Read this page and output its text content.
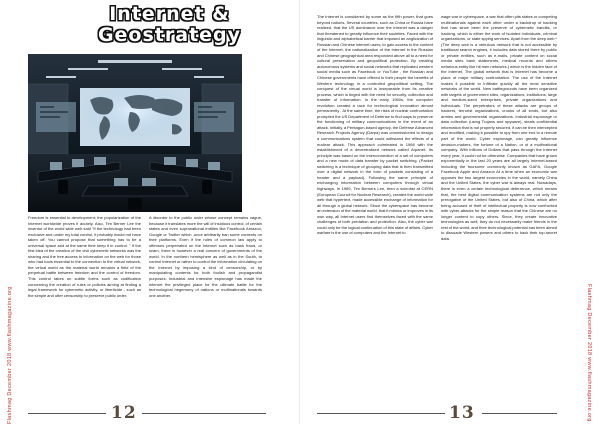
Internet &
Geostrategy

Freedom is essential to development; the popularization of the Internet worldwide proves it acutely. Also, Tim Berner Lee the inventor of the world wide web said "If the technology had been exclusive and under my total control, it probably would not have taken off. You cannot propose that something has to be a universal space and at the same time keep it in control. " If the first idea of the creation of the civil cybernetic networks was the sharing and the free access to information on the web for those who had tools essential to the connection to the virtual network, the virtual world as the material world remains a field of the perpetual battle between freedom and the control of freedom. This control takes on subtle forms such as codification concerning the creation of rules or policies aiming at finding a legal framework for cybernetic activity, or libertlcide , such as the simple and utter censorship to preserve public order.

A disorder to the public order whose concept remains vague, because it translates more the will of insidious control, of certain states and even supranational entities like Facebook Amazon, Google or Twitter which ,once arbitrarily ban some contents on their platforms. Even if the rules of common law apply to offenses perpetrated on the Internet such as bank fraud, or scam, there is however a real concern of governments of the world. In the northern hemisphere as well as in the South, to control Internet or rather to control the information circulating on the Internet by imposing a kind of censorship, or by manipulating contents for both foolish and propagandist purposes. Industrial and intensive espionage has made the internet the privileged place for the ultimate battle for the technological hegemony of nations or multinationals towards one another.

12
Flashmag December 2018 www.flashmagazine.org

The Internet is considered by some as the fifth power, that goes beyond nations. Several countries, such as China or Russia have realized, that the US dominance over the Internet was a danger that threatened to greatly influence their societies. Faced with the linguistic and alphabetical barrier that imposed an anglicization of Russian and Chinese internet users, to gain access to the content of the Internet, the nationalization of the Internet in the Russian and Chinese geographical area responded above all to a need for cultural preservation and geopolitical protection. By creating autonomous systems and social networks that replicated western social media such as Facebook or YouTube , the Russian and Chinese governments have offered to their people the benefits of Western technology in a controlled geopolitical setting. The conquest of the virtual world is inseparable from its creative process, which is tinged with the need for security, collection and transfer of information. In the early 1960s, the computer revolution created a race for technological innovation almost permanently . At the same time, the risks of nuclear confrontation prompted the US Department of Defense to find ways to preserve the functioning of military communications in the event of an attack. Initially, a Pentagon-based agency, the Defense Advanced Research Projects Agency (Darpa) was commissioned to design a communications system that could withstand the effects of a nuclear attack. This approach culminated in 1966 with the establishment of a decentralized network called Arpanet. Its principle was based on the interconnection of a set of computers and a new mode of data transfer by packet switching. (Packet switching is a technique of grouping data that is then transmitted over a digital network in the form of packets consisting of a header and a payload). Following the same principle of exchanging information between computers through virtual highways. In 1989, Tim Berners Lee, then a scientist at CERN (European Council for Nuclear Research), created the world wide web that hypertext, made accessible exchange of information for all through a global network. Since the cyberspace has become an extension of the material world, that it mimics or improves in its own way, all Internet users find themselves faced with the same challenges of both predation and protection. Also, the cyber war could only be the logical continuation of this state of affairs. Cyber warfare is the use of computers and the Internet to

wage war in cyberspace, a war that often pits states or competing multinationals against each other under a backdrop of hacking that has since been the preserve of cybernetic bandits, or hacking, which is either the work of isolated individuals, criminal organizations, or state spying services. Apart from the deep web * (The deep web is a nebulous network that is not accessible by traditional search engines, it includes data stored there by public or private entities, such as e-mails, private content on social media sites bank statements, medical records and others nefarious entity like hit men networks.) which is the hidden face of the Internet, The global network that is Internet has become a place of major military confrontation. The use of the Internet makes it possible to infiltrate quickly all the most sensitive networks of the world. New battlegrounds have been organized with targets of government sites, organizations, institutions, large and medium-sized enterprises, private organizations and individuals. The perpetrators of these attacks are groups of hackers, terrorist organizations, crooks of all kinds, but also armies and governmental organizations. Industrial espionage or data collection (using Trojans and spyware), steals confidential information that is not properly secured, it can be then intercepted and modified, making it possible to spy from one end to a remote part of the world. Cyber espionage, can greatly influence decision-makers, the fortune of a Nation, or of a multinational company. With trillions of Dollars that pass through the Internet every year, it could not be otherwise. Companies that have grown exponentially in the last 20 years are all largely Internet-based including the foursome commonly known as GAFA, Google Facebook Apple and Amazon At a time when an economic war opposes the two largest economies in the world, namely China and the United States, the cyber war is always real. Nowadays, there is even a certain technological deterrence, which means that, the best digital communication systems are not only the prerogative of the United States, but also of China, which after being accused of theft of intellectual property is now confronted with cyber-attacks for the simple reason that the Chinese are no longer content to copy others. Since, they create innovative technologies as well, they do not necessarily make friends in the rest of the world, and their technological potential has been aimed to dissuade Western powers and others to hack their top-secret data.

13	Flashmag December 2018 www.flashmagazine.org
